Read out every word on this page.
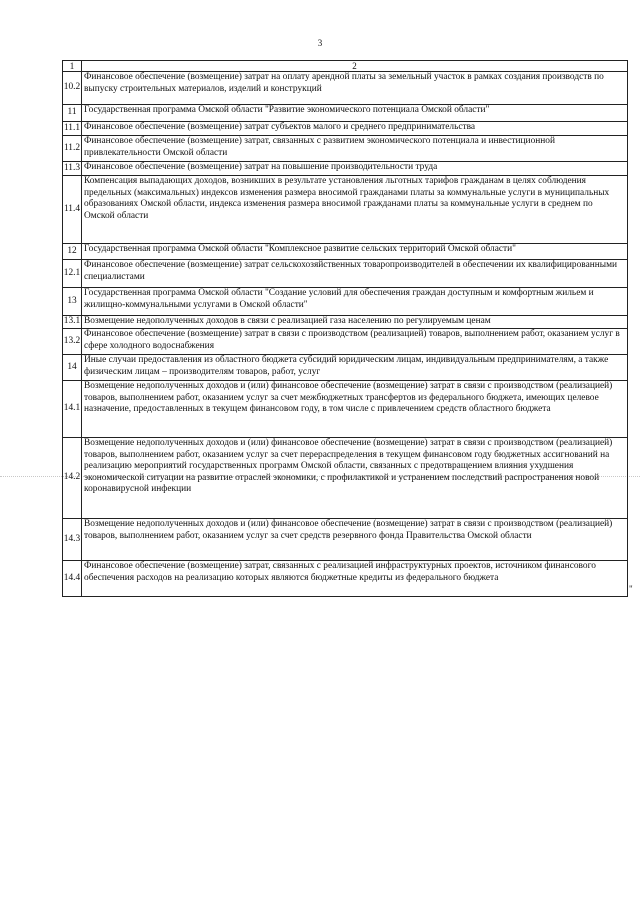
3
1	2
10.2	Финансовое обеспечение (возмещение) затрат на оплату арендной платы за земельный участок в рамках создания производств по выпуску строительных материалов, изделий и конструкций
11	Государственная программа Омской области "Развитие экономического потенциала Омской области"
11.1	Финансовое обеспечение (возмещение) затрат субъектов малого и среднего предпринимательства
11.2	Финансовое обеспечение (возмещение) затрат, связанных с развитием экономического потенциала и инвестиционной привлекательности Омской области
11.3	Финансовое обеспечение (возмещение) затрат на повышение производительности труда
11.4	Компенсация выпадающих доходов, возникших в результате установления льготных тарифов гражданам в целях соблюдения предельных (максимальных) индексов изменения размера вносимой гражданами платы за коммунальные услуги в муниципальных образованиях Омской области, индекса изменения размера вносимой гражданами платы за коммунальные услуги в среднем по Омской области
12	Государственная программа Омской области "Комплексное развитие сельских территорий Омской области"
12.1	Финансовое обеспечение (возмещение) затрат сельскохозяйственных товаропроизводителей в обеспечении их квалифицированными специалистами
13	Государственная программа Омской области "Создание условий для обеспечения граждан доступным и комфортным жильем и жилищно-коммунальными услугами в Омской области"
13.1	Возмещение недополученных доходов в связи с реализацией газа населению по регулируемым ценам
13.2	Финансовое обеспечение (возмещение) затрат в связи с производством (реализацией) товаров, выполнением работ, оказанием услуг в сфере холодного водоснабжения
14	Иные случаи предоставления из областного бюджета субсидий юридическим лицам, индивидуальным предпринимателям, а также физическим лицам – производителям товаров, работ, услуг
14.1	Возмещение недополученных доходов и (или) финансовое обеспечение (возмещение) затрат в связи с производством (реализацией) товаров, выполнением работ, оказанием услуг за счет межбюджетных трансфертов из федерального бюджета, имеющих целевое назначение, предоставленных в текущем финансовом году, в том числе с привлечением средств областного бюджета
14.2	Возмещение недополученных доходов и (или) финансовое обеспечение (возмещение) затрат в связи с производством (реализацией) товаров, выполнением работ, оказанием услуг за счет перераспределения в текущем финансовом году бюджетных ассигнований на реализацию мероприятий государственных программ Омской области, связанных с предотвращением влияния ухудшения экономической ситуации на развитие отраслей экономики, с профилактикой и устранением последствий распространения новой коронавирусной инфекции
14.3	Возмещение недополученных доходов и (или) финансовое обеспечение (возмещение) затрат в связи с производством (реализацией) товаров, выполнением работ, оказанием услуг за счет средств резервного фонда Правительства Омской области
14.4	Финансовое обеспечение (возмещение) затрат, связанных с реализацией инфраструктурных проектов, источником финансового обеспечения расходов на реализацию которых являются бюджетные кредиты из федерального бюджета
"
